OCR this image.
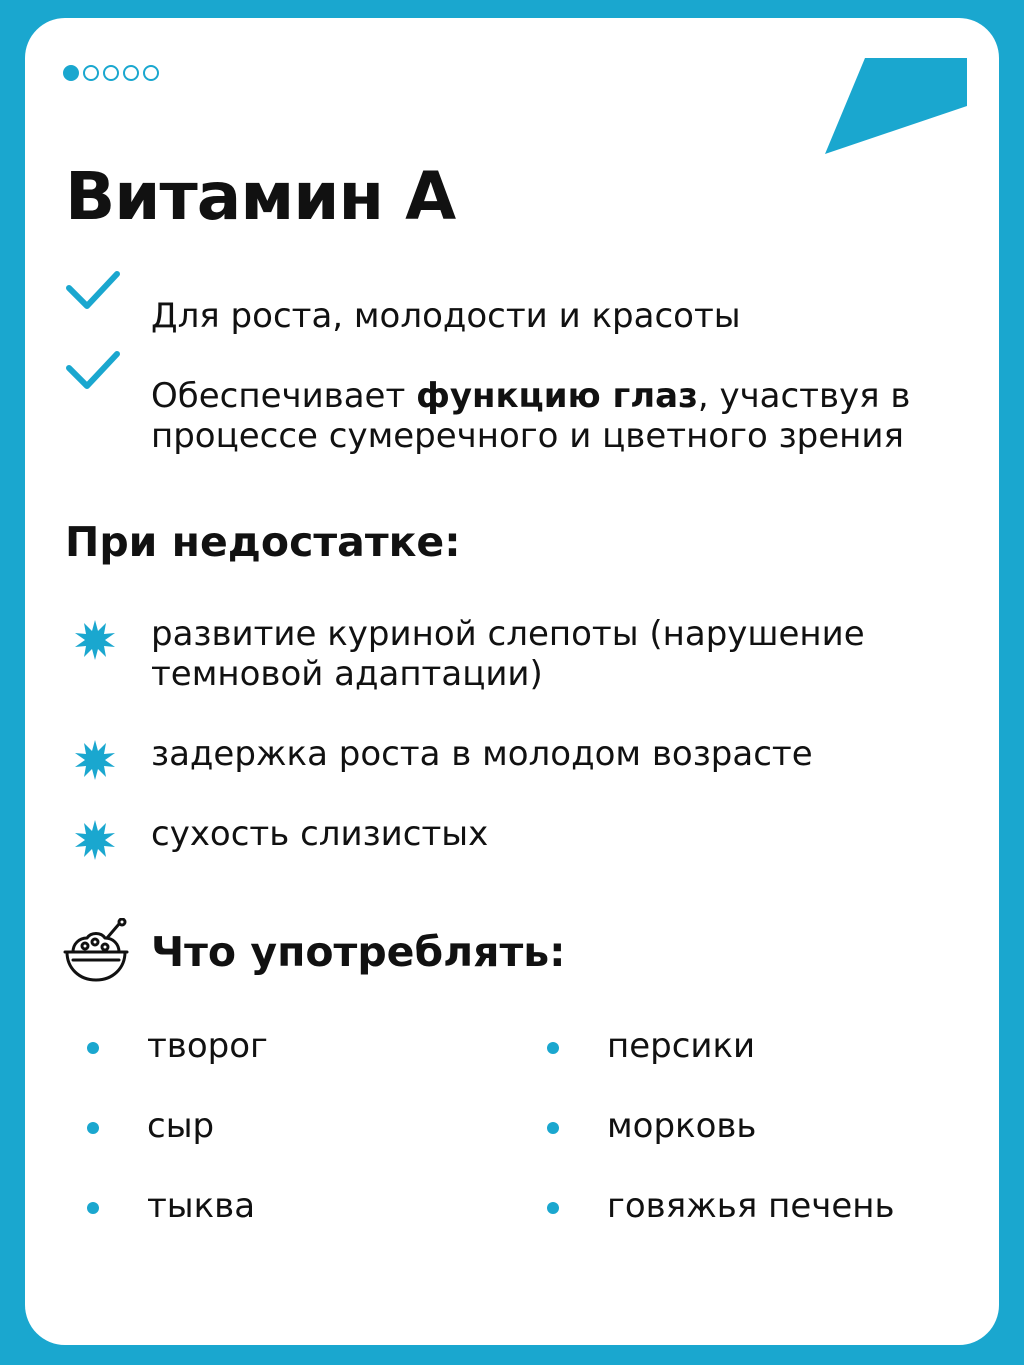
Витамин А

Для роста, молодости и красоты

Обеспечивает функцию глаз, участвуя в процессе сумеречного и цветного зрения

При недостатке:

развитие куриной слепоты (нарушение темновой адаптации)

задержка роста в молодом возрасте

сухость слизистых

Что употреблять:
творог
сыр
тыква
персики
морковь
говяжья печень
